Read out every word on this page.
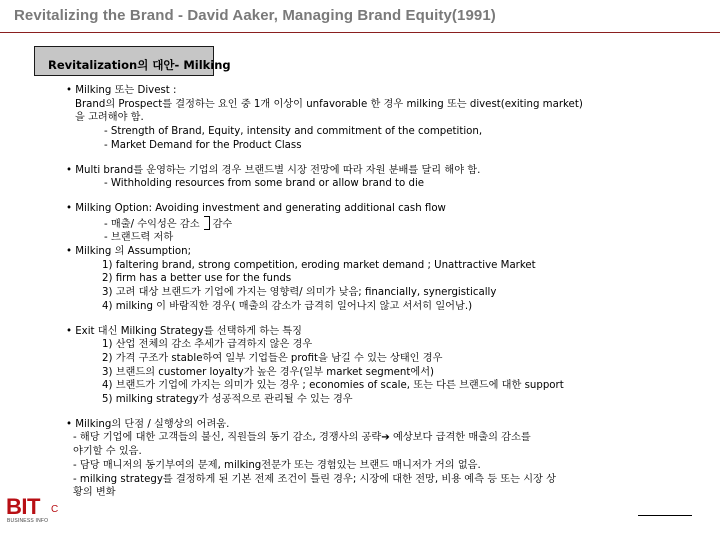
Revitalizing the Brand - David Aaker, Managing Brand Equity(1991)
Revitalization의 대안- Milking
• Milking 또는 Divest :
Brand의 Prospect를 결정하는 요인 중 1개 이상이 unfavorable 한 경우 milking 또는 divest(exiting market)
을 고려해야 함.
- Strength of Brand, Equity, intensity and commitment of the competition,
- Market Demand for the Product Class
• Multi brand를 운영하는 기업의 경우 브랜드별 시장 전망에 따라 자원 분배를 달리 해야 함.
- Withholding resources from some brand or allow brand to die
• Milking Option: Avoiding investment and generating additional cash flow
- 매출/ 수익성은 감소 감수
- 브랜드력 저하
• Milking 의 Assumption;
1) faltering brand, strong competition, eroding market demand ; Unattractive Market
2) firm has a better use for the funds
3) 고려 대상 브랜드가 기업에 가지는 영향력/ 의미가 낮음; financially, synergistically
4) milking 이 바람직한 경우( 매출의 감소가 급격히 일어나지 않고 서서히 일어남.)
• Exit 대신 Milking Strategy를 선택하게 하는 특징
1) 산업 전체의 감소 추세가 급격하지 않은 경우
2) 가격 구조가 stable하여 일부 기업들은 profit을 남길 수 있는 상태인 경우
3) 브랜드의 customer loyalty가 높은 경우(일부 market segment에서)
4) 브랜드가 기업에 가지는 의미가 있는 경우 ; economies of scale, 또는 다른 브랜드에 대한 support
5) milking strategy가 성공적으로 관리될 수 있는 경우
• Milking의 단점 / 실행상의 어려움.
- 해당 기업에 대한 고객들의 불신, 직원들의 동기 감소, 경쟁사의 공략➔ 예상보다 급격한 매출의 감소를
야기할 수 있음.
- 담당 매니저의 동기부여의 문제, milking전문가 또는 경험있는 브랜드 매니저가 거의 없음.
- milking strategy를 결정하게 된 기본 전제 조건이 틀린 경우; 시장에 대한 전망, 비용 예측 등 또는 시장 상
황의 변화
BIT C
BUSINESS INFO
